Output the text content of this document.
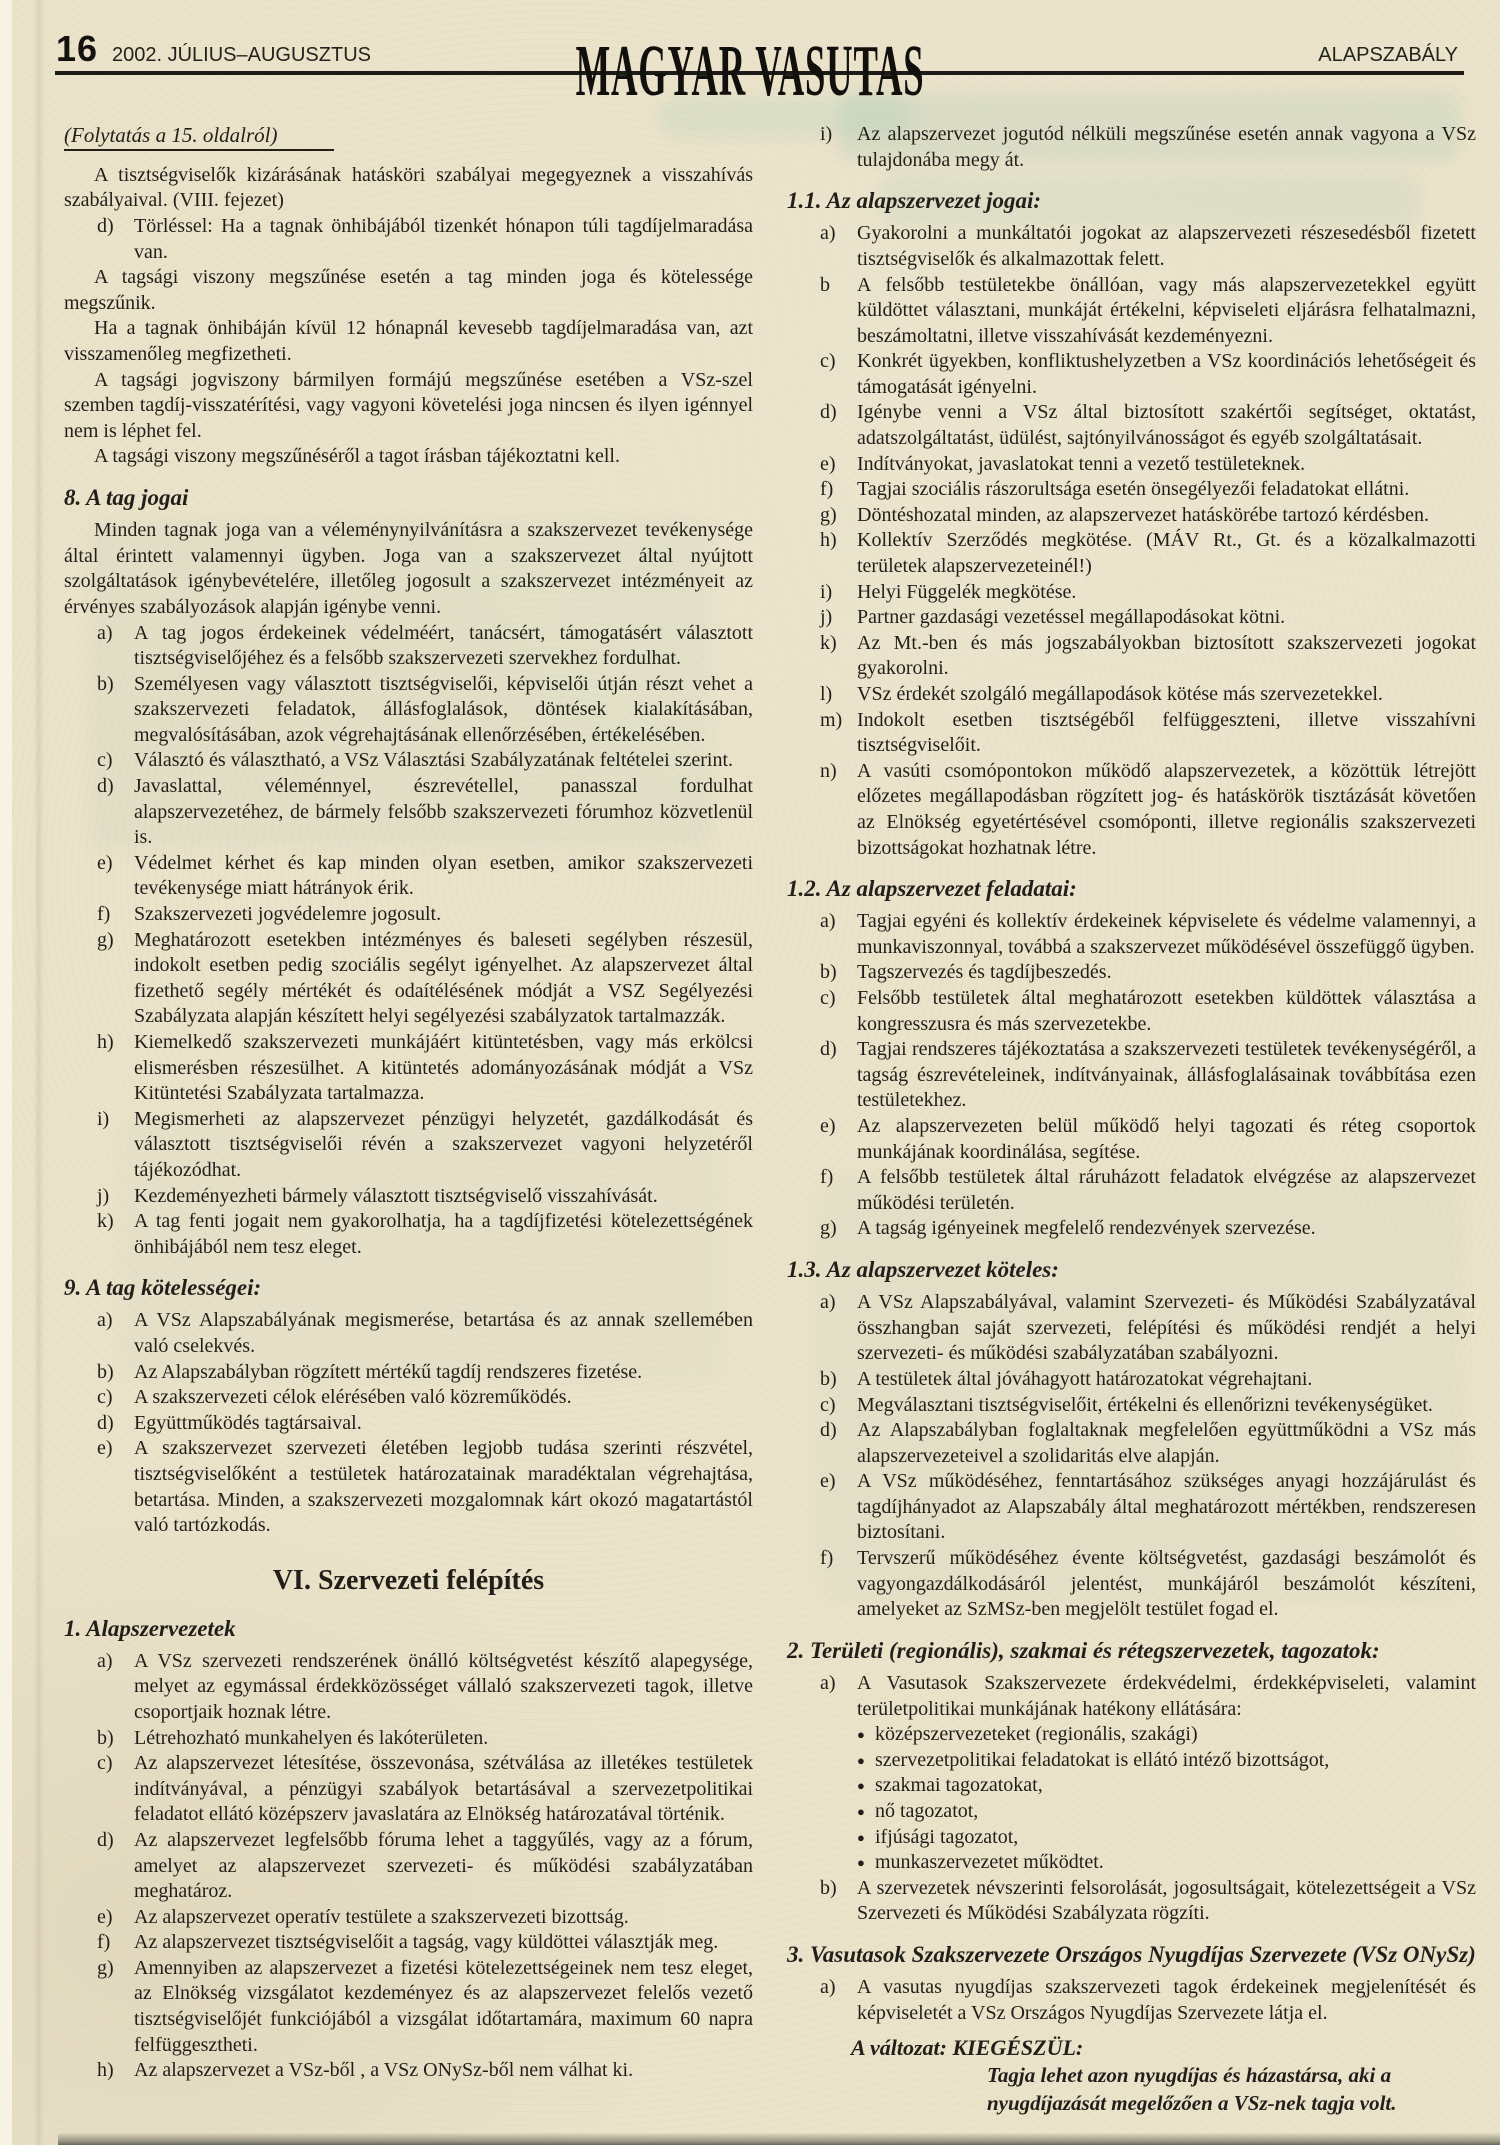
16 2002. JÚLIUS–AUGUSZTUS	MAGYAR VASUTAS	ALAPSZABÁLY

(Folytatás a 15. oldalról)

A tisztségviselők kizárásának hatásköri szabályai megegyeznek a visszahívás szabályaival. (VIII. fejezet)

d)	Törléssel: Ha a tagnak önhibájából tizenkét hónapon túli tagdíjelmaradása van.

A tagsági viszony megszűnése esetén a tag minden joga és kötelessége megszűnik.

Ha a tagnak önhibáján kívül 12 hónapnál kevesebb tagdíjelmaradása van, azt visszamenőleg megfizetheti.

A tagsági jogviszony bármilyen formájú megszűnése esetében a VSz-szel szemben tagdíj-visszatérítési, vagy vagyoni követelési joga nincsen és ilyen igénnyel nem is léphet fel.

A tagsági viszony megszűnéséről a tagot írásban tájékoztatni kell.

8. A tag jogai

Minden tagnak joga van a véleménynyilvánításra a szakszervezet tevékenysége által érintett valamennyi ügyben. Joga van a szakszervezet által nyújtott szolgáltatások igénybevételére, illetőleg jogosult a szakszervezet intézményeit az érvényes szabályozások alapján igénybe venni.

a)	A tag jogos érdekeinek védelméért, tanácsért, támogatásért választott tisztségviselőjéhez és a felsőbb szakszervezeti szervekhez fordulhat.
b)	Személyesen vagy választott tisztségviselői, képviselői útján részt vehet a szakszervezeti feladatok, állásfoglalások, döntések kialakításában, megvalósításában, azok végrehajtásának ellenőrzésében, értékelésében.
c)	Választó és választható, a VSz Választási Szabályzatának feltételei szerint.
d)	Javaslattal, véleménnyel, észrevétellel, panasszal fordulhat alapszervezetéhez, de bármely felsőbb szakszervezeti fórumhoz közvetlenül is.
e)	Védelmet kérhet és kap minden olyan esetben, amikor szakszervezeti tevékenysége miatt hátrányok érik.
f)	Szakszervezeti jogvédelemre jogosult.
g)	Meghatározott esetekben intézményes és baleseti segélyben részesül, indokolt esetben pedig szociális segélyt igényelhet. Az alapszervezet által fizethető segély mértékét és odaítélésének módját a VSZ Segélyezési Szabályzata alapján készített helyi segélyezési szabályzatok tartalmazzák.
h)	Kiemelkedő szakszervezeti munkájáért kitüntetésben, vagy más erkölcsi elismerésben részesülhet. A kitüntetés adományozásának módját a VSz Kitüntetési Szabályzata tartalmazza.
i)	Megismerheti az alapszervezet pénzügyi helyzetét, gazdálkodását és választott tisztségviselői révén a szakszervezet vagyoni helyzetéről tájékozódhat.
j)	Kezdeményezheti bármely választott tisztségviselő visszahívását.
k)	A tag fenti jogait nem gyakorolhatja, ha a tagdíjfizetési kötelezettségének önhibájából nem tesz eleget.
9. A tag kötelességei:
a)	A VSz Alapszabályának megismerése, betartása és az annak szellemében való cselekvés.
b)	Az Alapszabályban rögzített mértékű tagdíj rendszeres fizetése.
c)	A szakszervezeti célok elérésében való közreműködés.
d)	Együttműködés tagtársaival.
e)	A szakszervezet szervezeti életében legjobb tudása szerinti részvétel, tisztségviselőként a testületek határozatainak maradéktalan végrehajtása, betartása. Minden, a szakszervezeti mozgalomnak kárt okozó magatartástól való tartózkodás.
VI. Szervezeti felépítés
1. Alapszervezetek
a)	A VSz szervezeti rendszerének önálló költségvetést készítő alapegysége, melyet az egymással érdekközösséget vállaló szakszervezeti tagok, illetve csoportjaik hoznak létre.
b)	Létrehozható munkahelyen és lakóterületen.
c)	Az alapszervezet létesítése, összevonása, szétválása az illetékes testületek indítványával, a pénzügyi szabályok betartásával a szervezetpolitikai feladatot ellátó középszerv javaslatára az Elnökség határozatával történik.
d)	Az alapszervezet legfelsőbb fóruma lehet a taggyűlés, vagy az a fórum, amelyet az alapszervezet szervezeti- és működési szabályzatában meghatároz.
e)	Az alapszervezet operatív testülete a szakszervezeti bizottság.
f)	Az alapszervezet tisztségviselőit a tagság, vagy küldöttei választják meg.
g)	Amennyiben az alapszervezet a fizetési kötelezettségeinek nem tesz eleget, az Elnökség vizsgálatot kezdeményez és az alapszervezet felelős vezető tisztségviselőjét funkciójából a vizsgálat időtartamára, maximum 60 napra felfüggesztheti.
h)	Az alapszervezet a VSz-ből , a VSz ONySz-ből nem válhat ki.
i)	Az alapszervezet jogutód nélküli megszűnése esetén annak vagyona a VSz tulajdonába megy át.
1.1. Az alapszervezet jogai:
a)	Gyakorolni a munkáltatói jogokat az alapszervezeti részesedésből fizetett tisztségviselők és alkalmazottak felett.
b	A felsőbb testületekbe önállóan, vagy más alapszervezetekkel együtt küldöttet választani, munkáját értékelni, képviseleti eljárásra felhatalmazni, beszámoltatni, illetve visszahívását kezdeményezni.
c)	Konkrét ügyekben, konfliktushelyzetben a VSz koordinációs lehetőségeit és támogatását igényelni.
d)	Igénybe venni a VSz által biztosított szakértői segítséget, oktatást, adatszolgáltatást, üdülést, sajtónyilvánosságot és egyéb szolgáltatásait.
e)	Indítványokat, javaslatokat tenni a vezető testületeknek.
f)	Tagjai szociális rászorultsága esetén önsegélyezői feladatokat ellátni.
g)	Döntéshozatal minden, az alapszervezet hatáskörébe tartozó kérdésben.
h)	Kollektív Szerződés megkötése. (MÁV Rt., Gt. és a közalkalmazotti területek alapszervezeteinél!)
i)	Helyi Függelék megkötése.
j)	Partner gazdasági vezetéssel megállapodásokat kötni.
k)	Az Mt.-ben és más jogszabályokban biztosított szakszervezeti jogokat gyakorolni.
l)	VSz érdekét szolgáló megállapodások kötése más szervezetekkel.
m) Indokolt esetben tisztségéből felfüggeszteni, illetve visszahívni tisztségviselőit.
n)	A vasúti csomópontokon működő alapszervezetek, a közöttük létrejött előzetes megállapodásban rögzített jog- és hatáskörök tisztázását követően az Elnökség egyetértésével csomóponti, illetve regionális szakszervezeti bizottságokat hozhatnak létre.
1.2. Az alapszervezet feladatai:
a)	Tagjai egyéni és kollektív érdekeinek képviselete és védelme valamennyi, a munkaviszonnyal, továbbá a szakszervezet működésével összefüggő ügyben.
b)	Tagszervezés és tagdíjbeszedés.
c)	Felsőbb testületek által meghatározott esetekben küldöttek választása a kongresszusra és más szervezetekbe.
d)	Tagjai rendszeres tájékoztatása a szakszervezeti testületek tevékenységéről, a tagság észrevételeinek, indítványainak, állásfoglalásainak továbbítása ezen testületekhez.
e)	Az alapszervezeten belül működő helyi tagozati és réteg csoportok munkájának koordinálása, segítése.
f)	A felsőbb testületek által ráruházott feladatok elvégzése az alapszervezet működési területén.
g)	A tagság igényeinek megfelelő rendezvények szervezése.
1.3. Az alapszervezet köteles:
a)	A VSz Alapszabályával, valamint Szervezeti- és Működési Szabályzatával összhangban saját szervezeti, felépítési és működési rendjét a helyi szervezeti- és működési szabályzatában szabályozni.
b)	A testületek által jóváhagyott határozatokat végrehajtani.
c)	Megválasztani tisztségviselőit, értékelni és ellenőrizni tevékenységüket.
d)	Az Alapszabályban foglaltaknak megfelelően együttműködni a VSz más alapszervezeteivel a szolidaritás elve alapján.
e)	A VSz működéséhez, fenntartásához szükséges anyagi hozzájárulást és tagdíjhányadot az Alapszabály által meghatározott mértékben, rendszeresen biztosítani.
f)	Tervszerű működéséhez évente költségvetést, gazdasági beszámolót és vagyongazdálkodásáról jelentést, munkájáról beszámolót készíteni, amelyeket az SzMSz-ben megjelölt testület fogad el.
2. Területi (regionális), szakmai és rétegszervezetek, tagozatok:
a)	A Vasutasok Szakszervezete érdekvédelmi, érdekképviseleti, valamint területpolitikai munkájának hatékony ellátására:
● középszervezeteket (regionális, szakági)
● szervezetpolitikai feladatokat is ellátó intéző bizottságot,
● szakmai tagozatokat,
● nő tagozatot,
● ifjúsági tagozatot,
● munkaszervezetet működtet.
b)	A szervezetek névszerinti felsorolását, jogosultságait, kötelezettségeit a VSz Szervezeti és Működési Szabályzata rögzíti.
3. Vasutasok Szakszervezete Országos Nyugdíjas Szervezete (VSz ONySz)
a)	A vasutas nyugdíjas szakszervezeti tagok érdekeinek megjelenítését és képviseletét a VSz Országos Nyugdíjas Szervezete látja el.

A változat: KIEGÉSZÜL:

Tagja lehet azon nyugdíjas és házastársa, aki a nyugdíjazását megelőzően a VSz-nek tagja volt.
